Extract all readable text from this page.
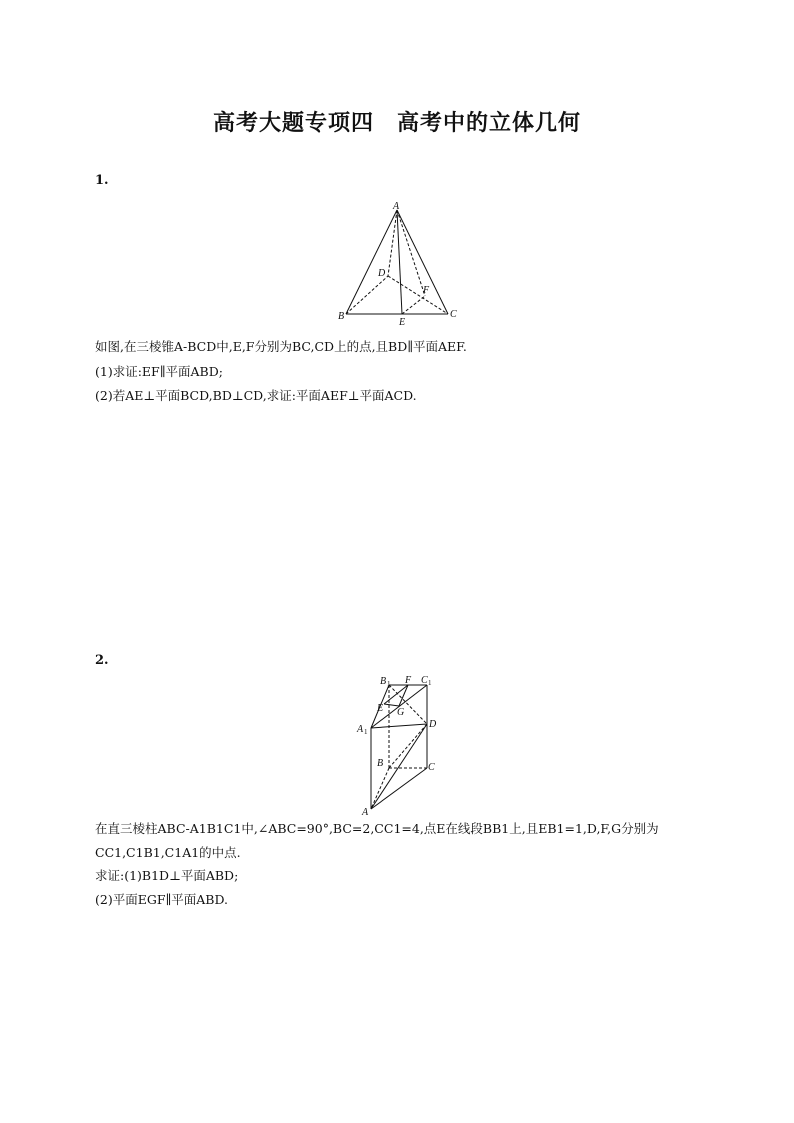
高考大题专项四　高考中的立体几何
1.
A
B	C
D
E
F
如图,在三棱锥A-BCD中,E,F分别为BC,CD上的点,且BD∥平面AEF.
(1)求证:EF∥平面ABD;
(2)若AE⊥平面BCD,BD⊥CD,求证:平面AEF⊥平面ACD.
2.
B 1 F C 1
E G
A 1
D
B	C
A
在直三棱柱ABC-A1B1C1中,∠ABC=90°,BC=2,CC1=4,点E在线段BB1上,且EB1=1,D,F,G分别为
CC1,C1B1,C1A1的中点.
求证:(1)B1D⊥平面ABD;
(2)平面EGF∥平面ABD.
